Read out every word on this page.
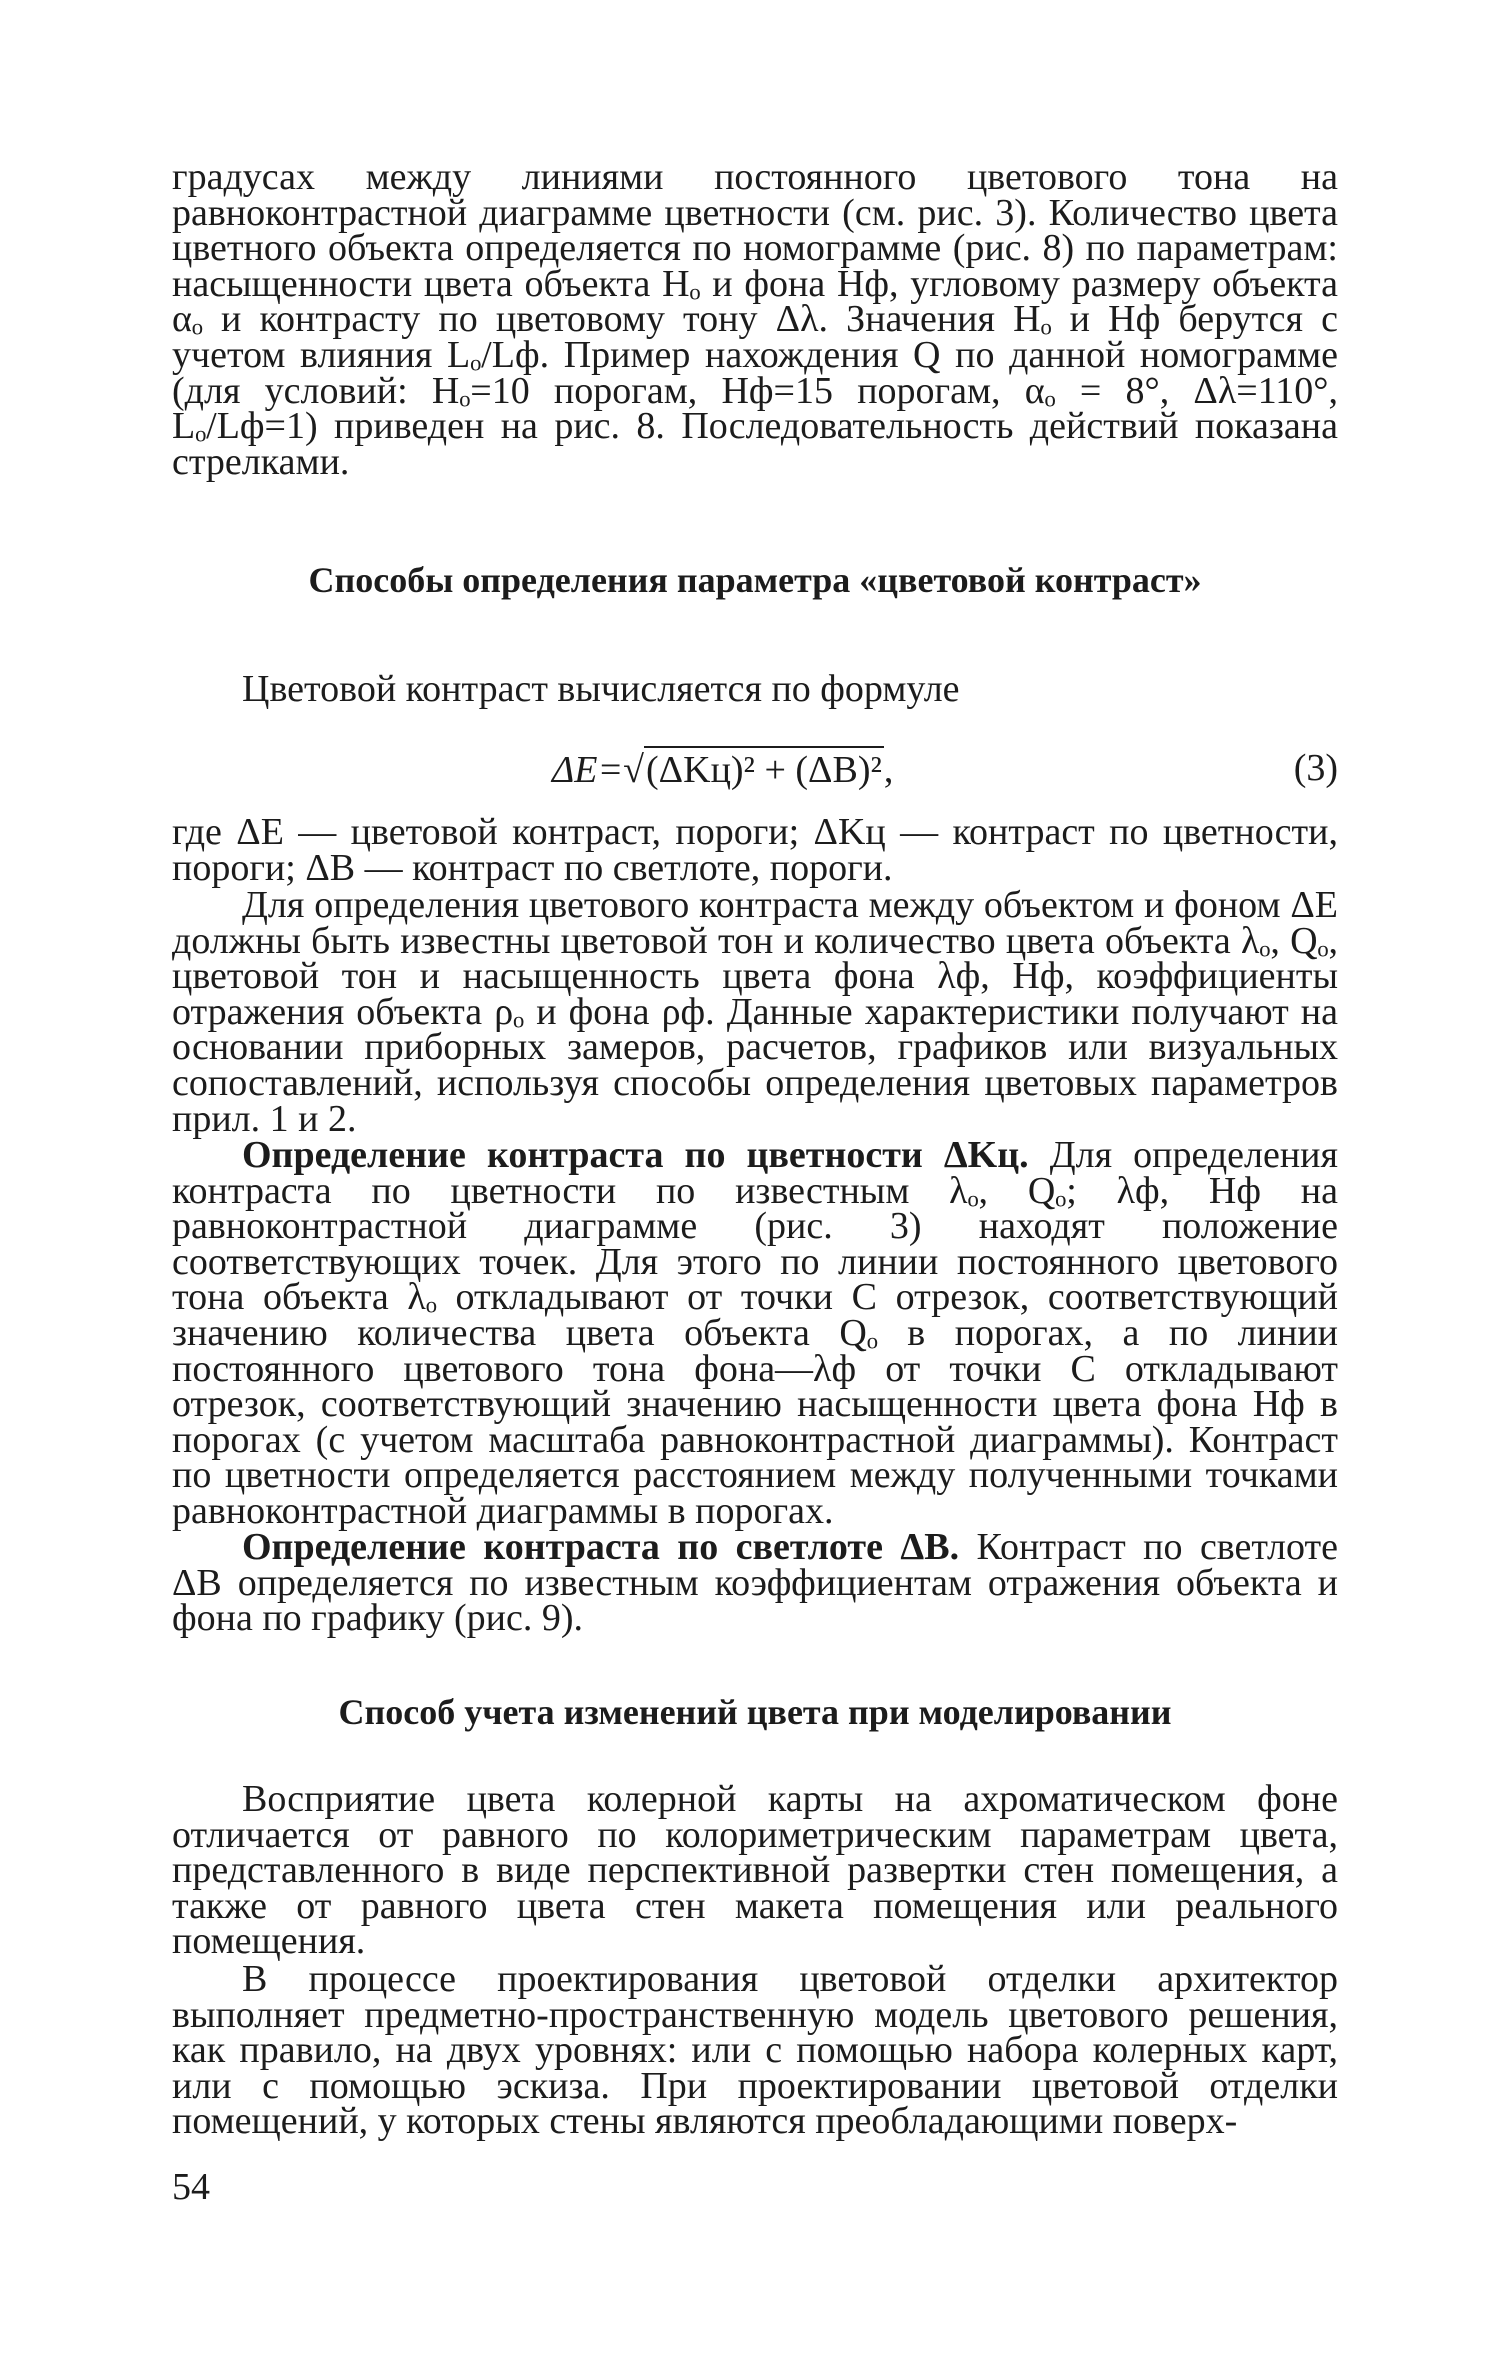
градусах между линиями постоянного цветового тона на равноконтрастной диаграмме цветности (см. рис. 3). Количество цвета цветного объекта определяется по номограмме (рис. 8) по параметрам: насыщенности цвета объекта Hₒ и фона Hф, угловому размеру объекта αₒ и контрасту по цветовому тону Δλ. Значения Hₒ и Hф берутся с учетом влияния Lₒ/Lф. Пример нахождения Q по данной номограмме (для условий: Hₒ=10 порогам, Hф=15 порогам, αₒ = 8°, Δλ=110°, Lₒ/Lф=1) приведен на рис. 8. Последовательность действий показана стрелками.

Способы определения параметра «цветовой контраст»

Цветовой контраст вычисляется по формуле

ΔE=√(ΔKц)² + (ΔB)²,	(3)

где ΔE — цветовой контраст, пороги; ΔKц — контраст по цветности, пороги; ΔB — контраст по светлоте, пороги.

Для определения цветового контраста между объектом и фоном ΔE должны быть известны цветовой тон и количество цвета объекта λₒ, Qₒ, цветовой тон и насыщенность цвета фона λф, Hф, коэффициенты отражения объекта ρₒ и фона ρф. Данные характеристики получают на основании приборных замеров, расчетов, графиков или визуальных сопоставлений, используя способы определения цветовых параметров прил. 1 и 2.

Определение контраста по цветности ΔKц. Для определения контраста по цветности по известным λₒ, Qₒ; λф, Hф на равноконтрастной диаграмме (рис. 3) находят положение соответствующих точек. Для этого по линии постоянного цветового тона объекта λₒ откладывают от точки C отрезок, соответствующий значению количества цвета объекта Qₒ в порогах, а по линии постоянного цветового тона фона—λф от точки C откладывают отрезок, соответствующий значению насыщенности цвета фона Hф в порогах (с учетом масштаба равноконтрастной диаграммы). Контраст по цветности определяется расстоянием между полученными точками равноконтрастной диаграммы в порогах.

Определение контраста по светлоте ΔB. Контраст по светлоте ΔB определяется по известным коэффициентам отражения объекта и фона по графику (рис. 9).

Способ учета изменений цвета при моделировании

Восприятие цвета колерной карты на ахроматическом фоне отличается от равного по колориметрическим параметрам цвета, представленного в виде перспективной развертки стен помещения, а также от равного цвета стен макета помещения или реального помещения.

В процессе проектирования цветовой отделки архитектор выполняет предметно-пространственную модель цветового решения, как правило, на двух уровнях: или с помощью набора колерных карт, или с помощью эскиза. При проектировании цветовой отделки помещений, у которых стены являются преобладающими поверх-

54
